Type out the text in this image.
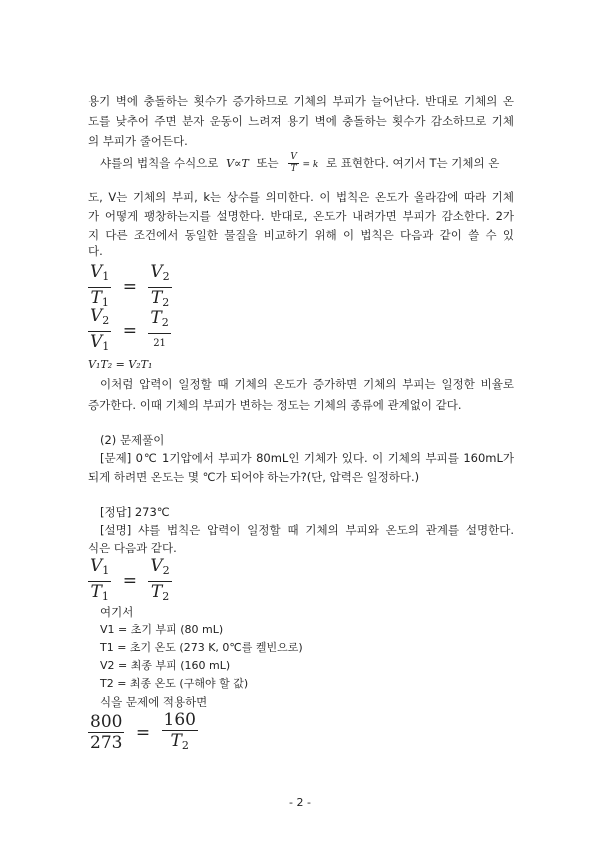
용기 벽에 충돌하는 횟수가 증가하므로 기체의 부피가 늘어난다. 반대로 기체의 온
도를 낮추어 주면 분자 운동이 느려져 용기 벽에 충돌하는 횟수가 감소하므로 기체
의 부피가 줄어든다.
샤를의 법칙을 수식으로 V∝T 또는 $\frac{V}{T} = k$ 로 표현한다. 여기서 T는 기체의 온
도, V는 기체의 부피, k는 상수를 의미한다. 이 법칙은 온도가 올라감에 따라 기체
가 어떻게 팽창하는지를 설명한다. 반대로, 온도가 내려가면 부피가 감소한다. 2가
지 다른 조건에서 동일한 물질을 비교하기 위해 이 법칙은 다음과 같이 쓸 수 있
다.
$\frac{V_1}{T_1} = \frac{V_2}{T_2}$
$\frac{V_2}{V_1} = \frac{T_2}{21}$
V₁T₂ = V₂T₁
이처럼 압력이 일정할 때 기체의 온도가 증가하면 기체의 부피는 일정한 비율로
증가한다. 이때 기체의 부피가 변하는 정도는 기체의 종류에 관계없이 같다.
(2) 문제풀이
[문제] 0℃ 1기압에서 부피가 80mL인 기체가 있다. 이 기체의 부피를 160mL가
되게 하려면 온도는 몇 ℃가 되어야 하는가?(단, 압력은 일정하다.)
[정답] 273℃
[설명] 샤를 법칙은 압력이 일정할 때 기체의 부피와 온도의 관계를 설명한다.
식은 다음과 같다.
$\frac{V_1}{T_1} = \frac{V_2}{T_2}$
여기서
V1 = 초기 부피 (80 mL)
T1 = 초기 온도 (273 K, 0℃를 켈빈으로)
V2 = 최종 부피 (160 mL)
T2 = 최종 온도 (구해야 할 값)
식을 문제에 적용하면
$\frac{800}{273} = \frac{160}{T_2}$
- 2 -
